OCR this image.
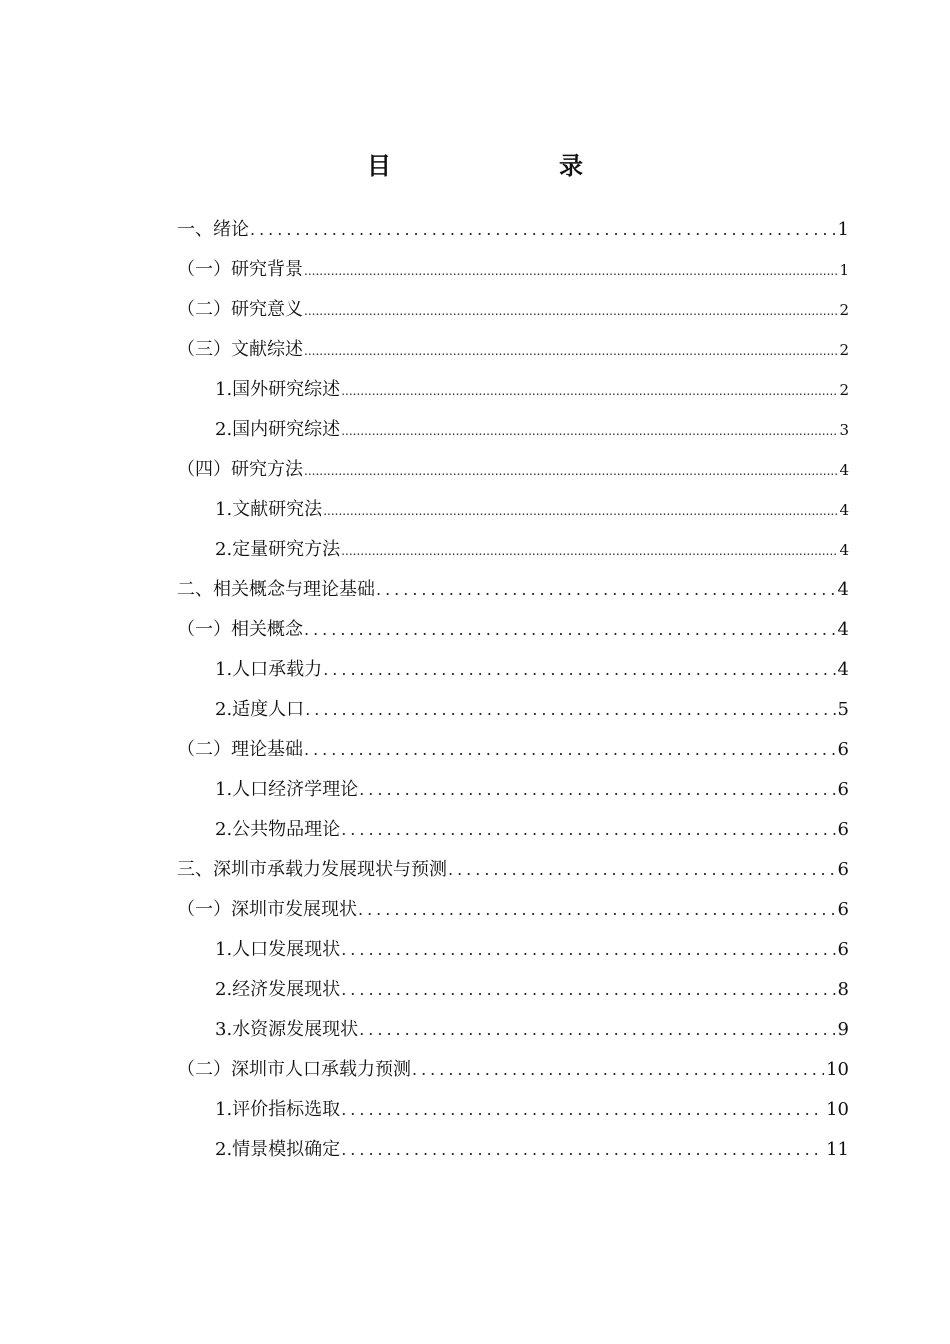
目　　录
一、绪论 .....	1
（一）研究背景 .....	1
（二）研究意义 .....	2
（三）文献综述 .....	2
1.国外研究综述 .....	2
2.国内研究综述 .....	3
（四）研究方法 .....	4
1.文献研究法 .....	4
2.定量研究方法 .....	4
二、相关概念与理论基础 .....	4
（一）相关概念 .....	4
1.人口承载力 .....	4
2.适度人口 .....	5
（二）理论基础 .....	6
1.人口经济学理论 .....	6
2.公共物品理论 .....	6
三、深圳市承载力发展现状与预测 .....	6
（一）深圳市发展现状 .....	6
1.人口发展现状 .....	6
2.经济发展现状 .....	8
3.水资源发展现状 .....	9
（二）深圳市人口承载力预测 .....	10
1.评价指标选取 .....	10
2.情景模拟确定 .....	11
